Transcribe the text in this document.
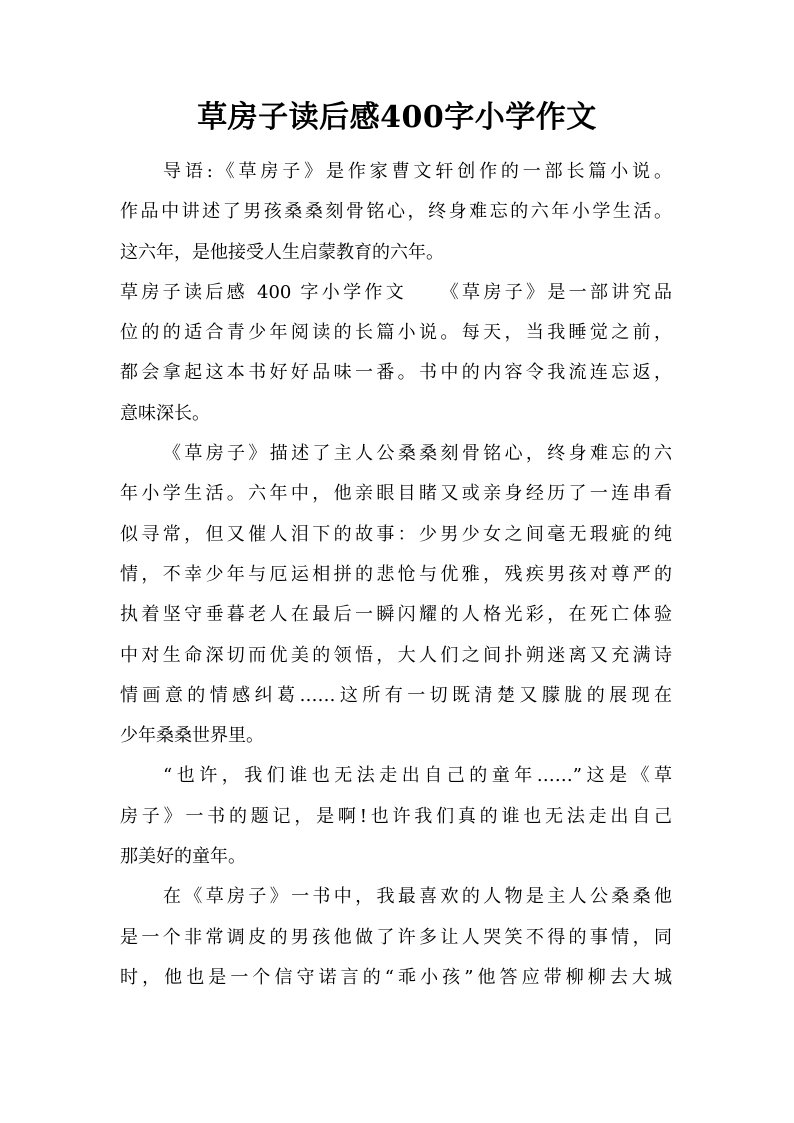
草房子读后感400字小学作文
导语:《草房子》是作家曹文轩创作的一部长篇小说。
作品中讲述了男孩桑桑刻骨铭心，终身难忘的六年小学生活。
这六年，是他接受人生启蒙教育的六年。
草房子读后感 400 字小学作文　　《草房子》是一部讲究品
位的的适合青少年阅读的长篇小说。每天，当我睡觉之前，
都会拿起这本书好好品味一番。书中的内容令我流连忘返，
意味深长。
《草房子》描述了主人公桑桑刻骨铭心，终身难忘的六
年小学生活。六年中，他亲眼目睹又或亲身经历了一连串看
似寻常，但又催人泪下的故事：少男少女之间毫无瑕疵的纯
情，不幸少年与厄运相拼的悲怆与优雅，残疾男孩对尊严的
执着坚守垂暮老人在最后一瞬闪耀的人格光彩，在死亡体验
中对生命深切而优美的领悟，大人们之间扑朔迷离又充满诗
情画意的情感纠葛……这所有一切既清楚又朦胧的展现在
少年桑桑世界里。
“也许，我们谁也无法走出自己的童年……”这是《草
房子》一书的题记，是啊!也许我们真的谁也无法走出自己
那美好的童年。
在《草房子》一书中，我最喜欢的人物是主人公桑桑他
是一个非常调皮的男孩他做了许多让人哭笑不得的事情，同
时，他也是一个信守诺言的“乖小孩”他答应带柳柳去大城
